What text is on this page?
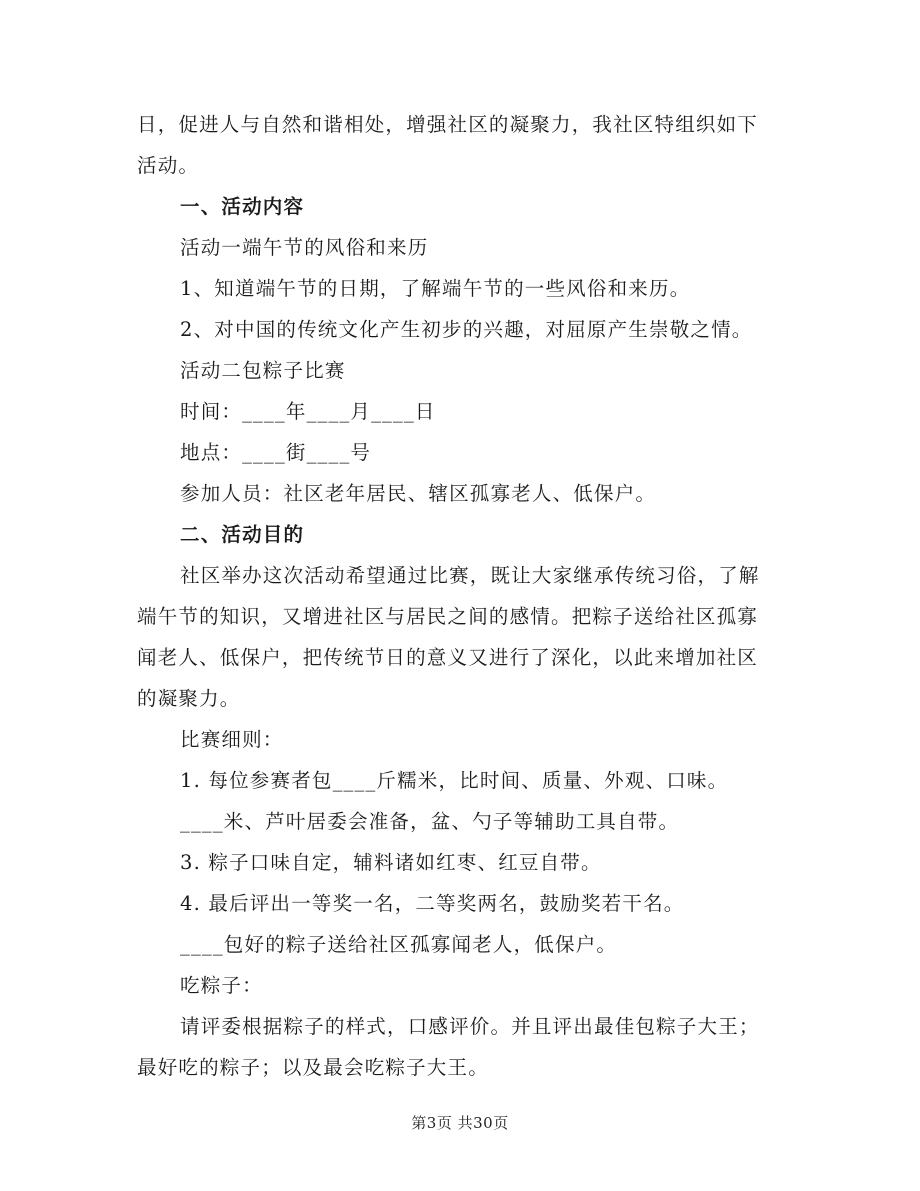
日，促进人与自然和谐相处，增强社区的凝聚力，我社区特组织如下
活动。
一、活动内容
活动一端午节的风俗和来历
1、知道端午节的日期，了解端午节的一些风俗和来历。
2、对中国的传统文化产生初步的兴趣，对屈原产生崇敬之情。
活动二包粽子比赛
时间：____年____月____日
地点：____街____号
参加人员：社区老年居民、辖区孤寡老人、低保户。
二、活动目的
社区举办这次活动希望通过比赛，既让大家继承传统习俗，了解
端午节的知识，又增进社区与居民之间的感情。把粽子送给社区孤寡
闻老人、低保户，把传统节日的意义又进行了深化，以此来增加社区
的凝聚力。
比赛细则：
1. 每位参赛者包____斤糯米，比时间、质量、外观、口味。
____米、芦叶居委会准备，盆、勺子等辅助工具自带。
3. 粽子口味自定，辅料诸如红枣、红豆自带。
4. 最后评出一等奖一名，二等奖两名，鼓励奖若干名。
____包好的粽子送给社区孤寡闻老人，低保户。
吃粽子：
请评委根据粽子的样式，口感评价。并且评出最佳包粽子大王；
最好吃的粽子；以及最会吃粽子大王。
第3页 共30页
